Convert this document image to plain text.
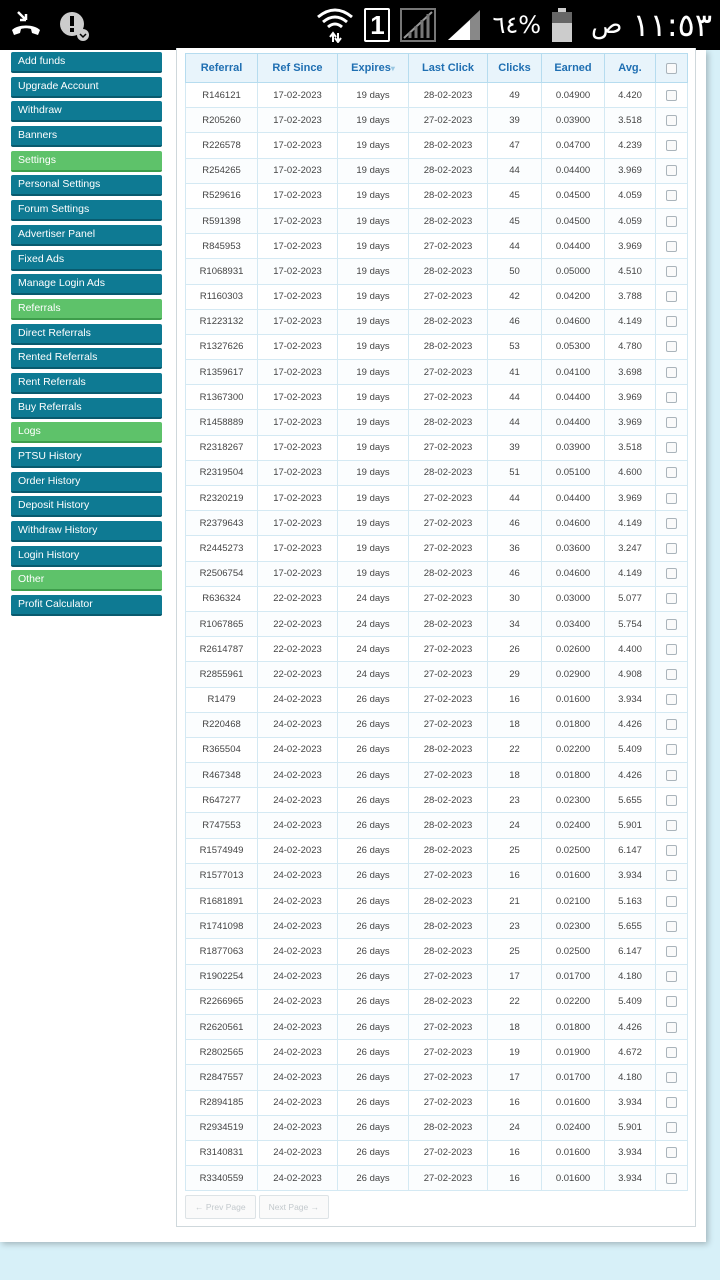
1	٦٤% ص ١١:٥٣
Add funds
Upgrade Account
Withdraw
Banners
Settings
Personal Settings
Forum Settings
Advertiser Panel
Fixed Ads
Manage Login Ads
Referrals
Direct Referrals
Rented Referrals
Rent Referrals
Buy Referrals
Logs
PTSU History
Order History
Deposit History
Withdraw History
Login History
Other
Profit Calculator
Referral	Ref Since	Expires▾	Last Click	Clicks	Earned	Avg.	
R146121	17-02-2023	19 days	28-02-2023	49	0.04900	4.420	
R205260	17-02-2023	19 days	27-02-2023	39	0.03900	3.518	
R226578	17-02-2023	19 days	28-02-2023	47	0.04700	4.239	
R254265	17-02-2023	19 days	28-02-2023	44	0.04400	3.969	
R529616	17-02-2023	19 days	28-02-2023	45	0.04500	4.059	
R591398	17-02-2023	19 days	28-02-2023	45	0.04500	4.059	
R845953	17-02-2023	19 days	27-02-2023	44	0.04400	3.969	
R1068931	17-02-2023	19 days	28-02-2023	50	0.05000	4.510	
R1160303	17-02-2023	19 days	27-02-2023	42	0.04200	3.788	
R1223132	17-02-2023	19 days	28-02-2023	46	0.04600	4.149	
R1327626	17-02-2023	19 days	28-02-2023	53	0.05300	4.780	
R1359617	17-02-2023	19 days	27-02-2023	41	0.04100	3.698	
R1367300	17-02-2023	19 days	27-02-2023	44	0.04400	3.969	
R1458889	17-02-2023	19 days	28-02-2023	44	0.04400	3.969	
R2318267	17-02-2023	19 days	27-02-2023	39	0.03900	3.518	
R2319504	17-02-2023	19 days	28-02-2023	51	0.05100	4.600	
R2320219	17-02-2023	19 days	27-02-2023	44	0.04400	3.969	
R2379643	17-02-2023	19 days	27-02-2023	46	0.04600	4.149	
R2445273	17-02-2023	19 days	27-02-2023	36	0.03600	3.247	
R2506754	17-02-2023	19 days	28-02-2023	46	0.04600	4.149	
R636324	22-02-2023	24 days	27-02-2023	30	0.03000	5.077	
R1067865	22-02-2023	24 days	28-02-2023	34	0.03400	5.754	
R2614787	22-02-2023	24 days	27-02-2023	26	0.02600	4.400	
R2855961	22-02-2023	24 days	27-02-2023	29	0.02900	4.908	
R1479	24-02-2023	26 days	27-02-2023	16	0.01600	3.934	
R220468	24-02-2023	26 days	27-02-2023	18	0.01800	4.426	
R365504	24-02-2023	26 days	28-02-2023	22	0.02200	5.409	
R467348	24-02-2023	26 days	27-02-2023	18	0.01800	4.426	
R647277	24-02-2023	26 days	28-02-2023	23	0.02300	5.655	
R747553	24-02-2023	26 days	28-02-2023	24	0.02400	5.901	
R1574949	24-02-2023	26 days	28-02-2023	25	0.02500	6.147	
R1577013	24-02-2023	26 days	27-02-2023	16	0.01600	3.934	
R1681891	24-02-2023	26 days	28-02-2023	21	0.02100	5.163	
R1741098	24-02-2023	26 days	28-02-2023	23	0.02300	5.655	
R1877063	24-02-2023	26 days	28-02-2023	25	0.02500	6.147	
R1902254	24-02-2023	26 days	27-02-2023	17	0.01700	4.180	
R2266965	24-02-2023	26 days	28-02-2023	22	0.02200	5.409	
R2620561	24-02-2023	26 days	27-02-2023	18	0.01800	4.426	
R2802565	24-02-2023	26 days	27-02-2023	19	0.01900	4.672	
R2847557	24-02-2023	26 days	27-02-2023	17	0.01700	4.180	
R2894185	24-02-2023	26 days	27-02-2023	16	0.01600	3.934	
R2934519	24-02-2023	26 days	28-02-2023	24	0.02400	5.901	
R3140831	24-02-2023	26 days	27-02-2023	16	0.01600	3.934	
R3340559	24-02-2023	26 days	27-02-2023	16	0.01600	3.934	
← Prev Page	Next Page →
